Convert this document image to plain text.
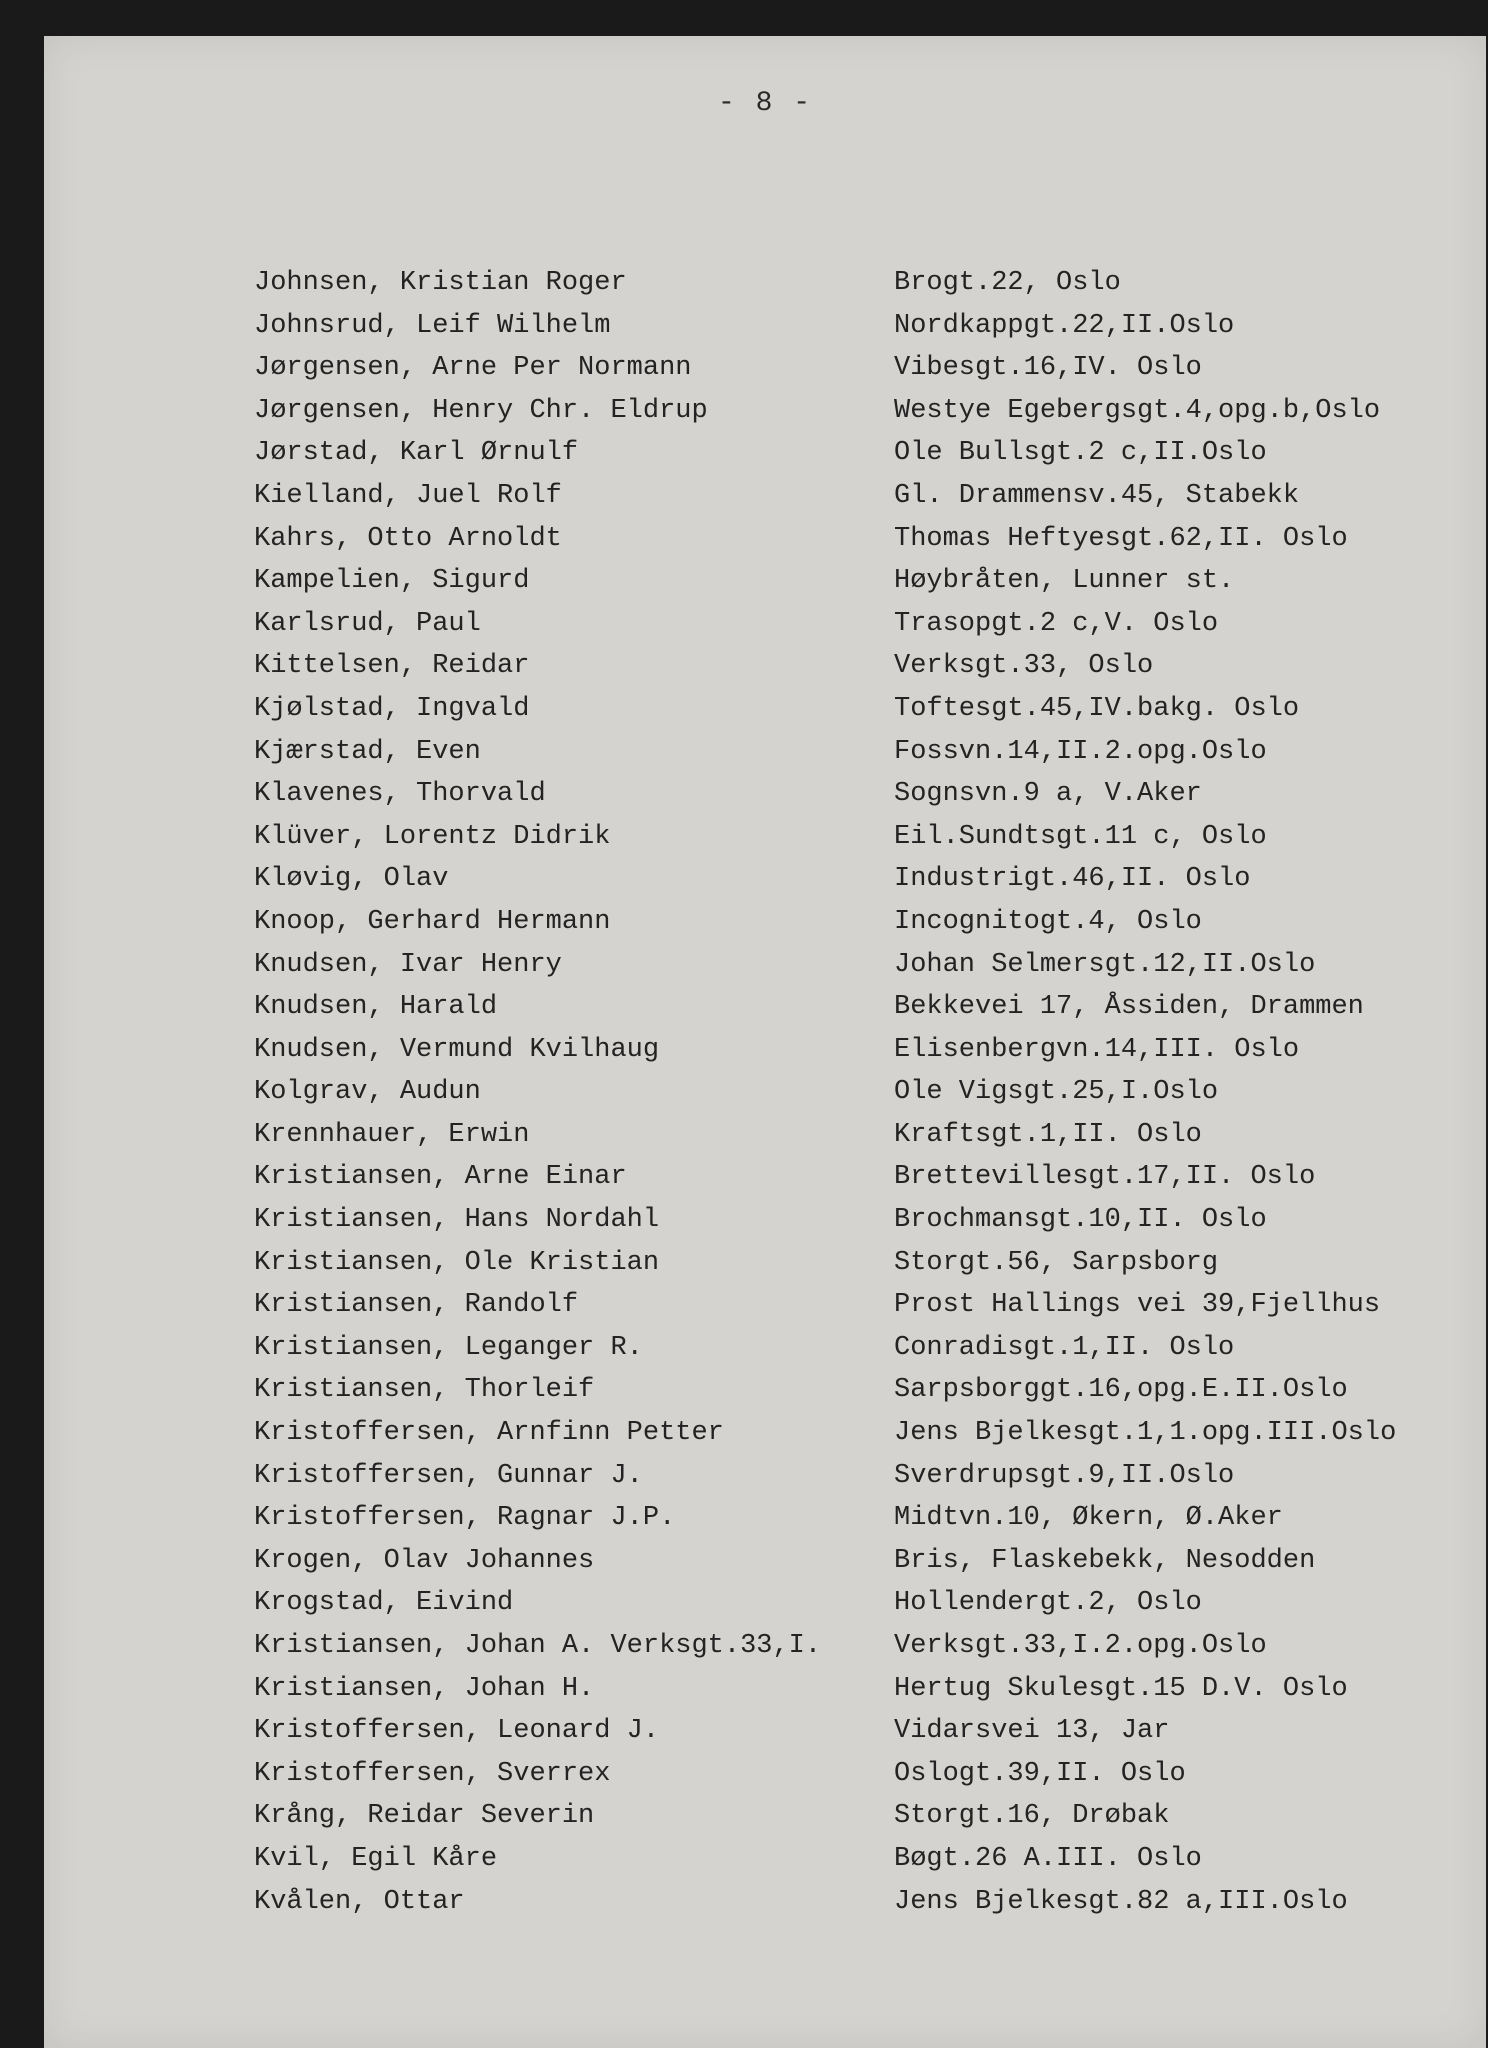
- 8 -
Johnsen, Kristian Roger	Brogt.22, Oslo
Johnsrud, Leif Wilhelm	Nordkappgt.22,II.Oslo
Jørgensen, Arne Per Normann	Vibesgt.16,IV. Oslo
Jørgensen, Henry Chr. Eldrup	Westye Egebergsgt.4,opg.b,Oslo
Jørstad, Karl Ørnulf	Ole Bullsgt.2 c,II.Oslo
Kielland, Juel Rolf	Gl. Drammensv.45, Stabekk
Kahrs, Otto Arnoldt	Thomas Heftyesgt.62,II. Oslo
Kampelien, Sigurd	Høybråten, Lunner st.
Karlsrud, Paul	Trasopgt.2 c,V. Oslo
Kittelsen, Reidar	Verksgt.33, Oslo
Kjølstad, Ingvald	Toftesgt.45,IV.bakg. Oslo
Kjærstad, Even	Fossvn.14,II.2.opg.Oslo
Klavenes, Thorvald	Sognsvn.9 a, V.Aker
Klüver, Lorentz Didrik	Eil.Sundtsgt.11 c, Oslo
Kløvig, Olav	Industrigt.46,II. Oslo
Knoop, Gerhard Hermann	Incognitogt.4, Oslo
Knudsen, Ivar Henry	Johan Selmersgt.12,II.Oslo
Knudsen, Harald	Bekkevei 17, Åssiden, Drammen
Knudsen, Vermund Kvilhaug	Elisenbergvn.14,III. Oslo
Kolgrav, Audun	Ole Vigsgt.25,I.Oslo
Krennhauer, Erwin	Kraftsgt.1,II. Oslo
Kristiansen, Arne Einar	Brettevillesgt.17,II. Oslo
Kristiansen, Hans Nordahl	Brochmansgt.10,II. Oslo
Kristiansen, Ole Kristian	Storgt.56, Sarpsborg
Kristiansen, Randolf	Prost Hallings vei 39,Fjellhus
Kristiansen, Leganger R.	Conradisgt.1,II. Oslo
Kristiansen, Thorleif	Sarpsborggt.16,opg.E.II.Oslo
Kristoffersen, Arnfinn Petter	Jens Bjelkesgt.1,1.opg.III.Oslo
Kristoffersen, Gunnar J.	Sverdrupsgt.9,II.Oslo
Kristoffersen, Ragnar J.P.	Midtvn.10, Økern, Ø.Aker
Krogen, Olav Johannes	Bris, Flaskebekk, Nesodden
Krogstad, Eivind	Hollendergt.2, Oslo
Kristiansen, Johan A. Verksgt.33,I.	Verksgt.33,I.2.opg.Oslo
Kristiansen, Johan H.	Hertug Skulesgt.15 D.V. Oslo
Kristoffersen, Leonard J.	Vidarsvei 13, Jar
Kristoffersen, Sverrex	Oslogt.39,II. Oslo
Krång, Reidar Severin	Storgt.16, Drøbak
Kvil, Egil Kåre	Bøgt.26 A.III. Oslo
Kvålen, Ottar	Jens Bjelkesgt.82 a,III.Oslo
